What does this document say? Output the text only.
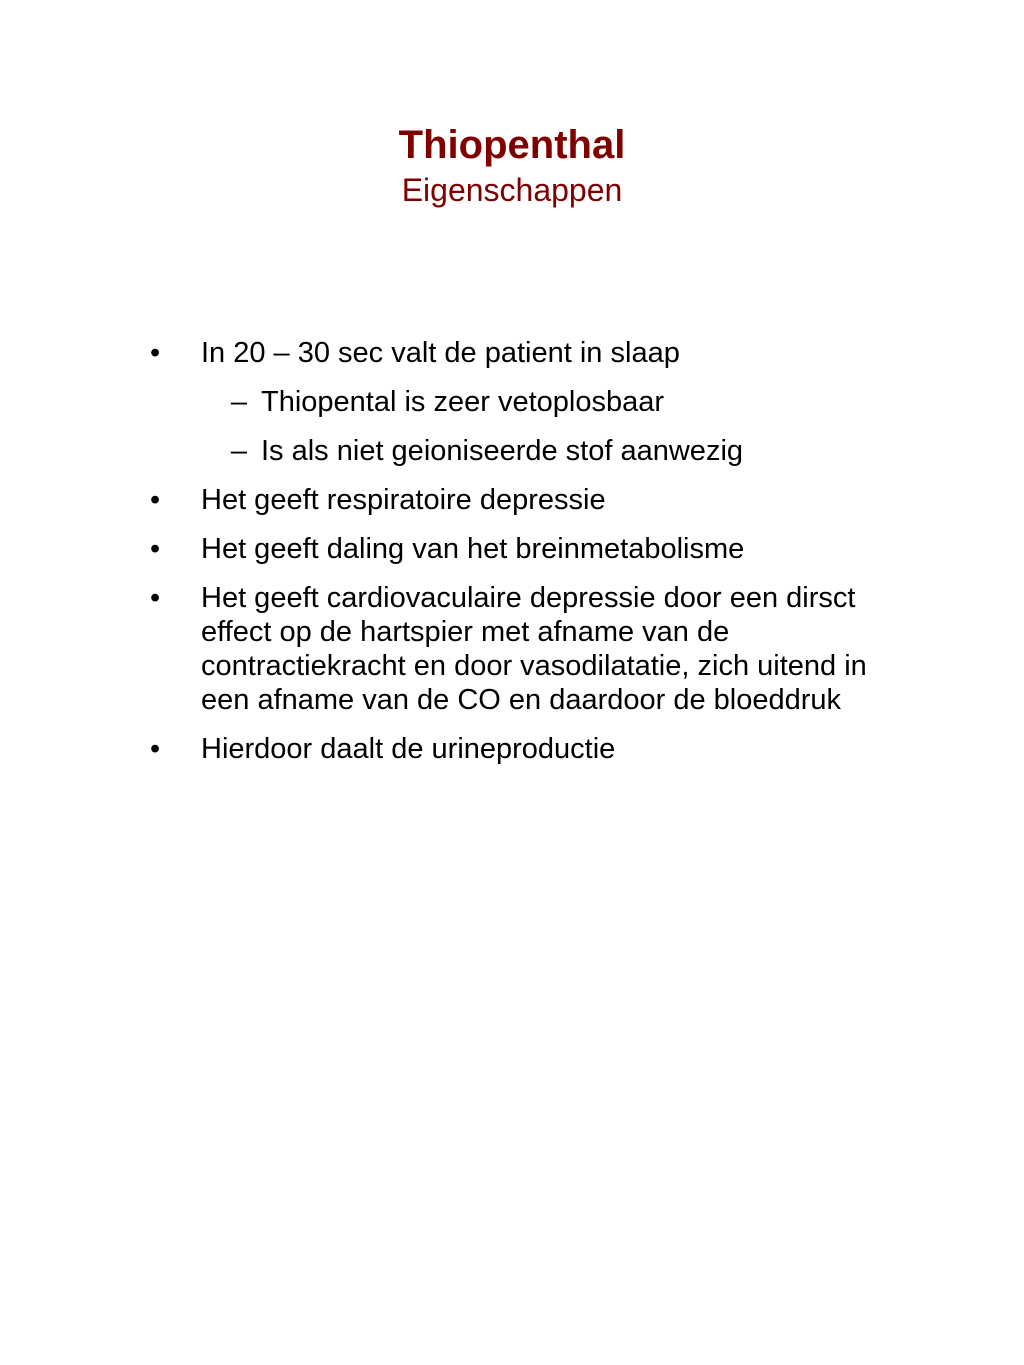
Thiopenthal
Eigenschappen
•	In 20 – 30 sec valt de patient in slaap
– Thiopental is zeer vetoplosbaar
– Is als niet geioniseerde stof aanwezig
•	Het geeft respiratoire depressie
•	Het geeft daling van het breinmetabolisme
•	Het geeft cardiovaculaire depressie door een dirsct effect op de hartspier met afname van de contractiekracht en door vasodilatatie, zich uitend in een afname van de CO en daardoor de bloeddruk
•	Hierdoor daalt de urineproductie
